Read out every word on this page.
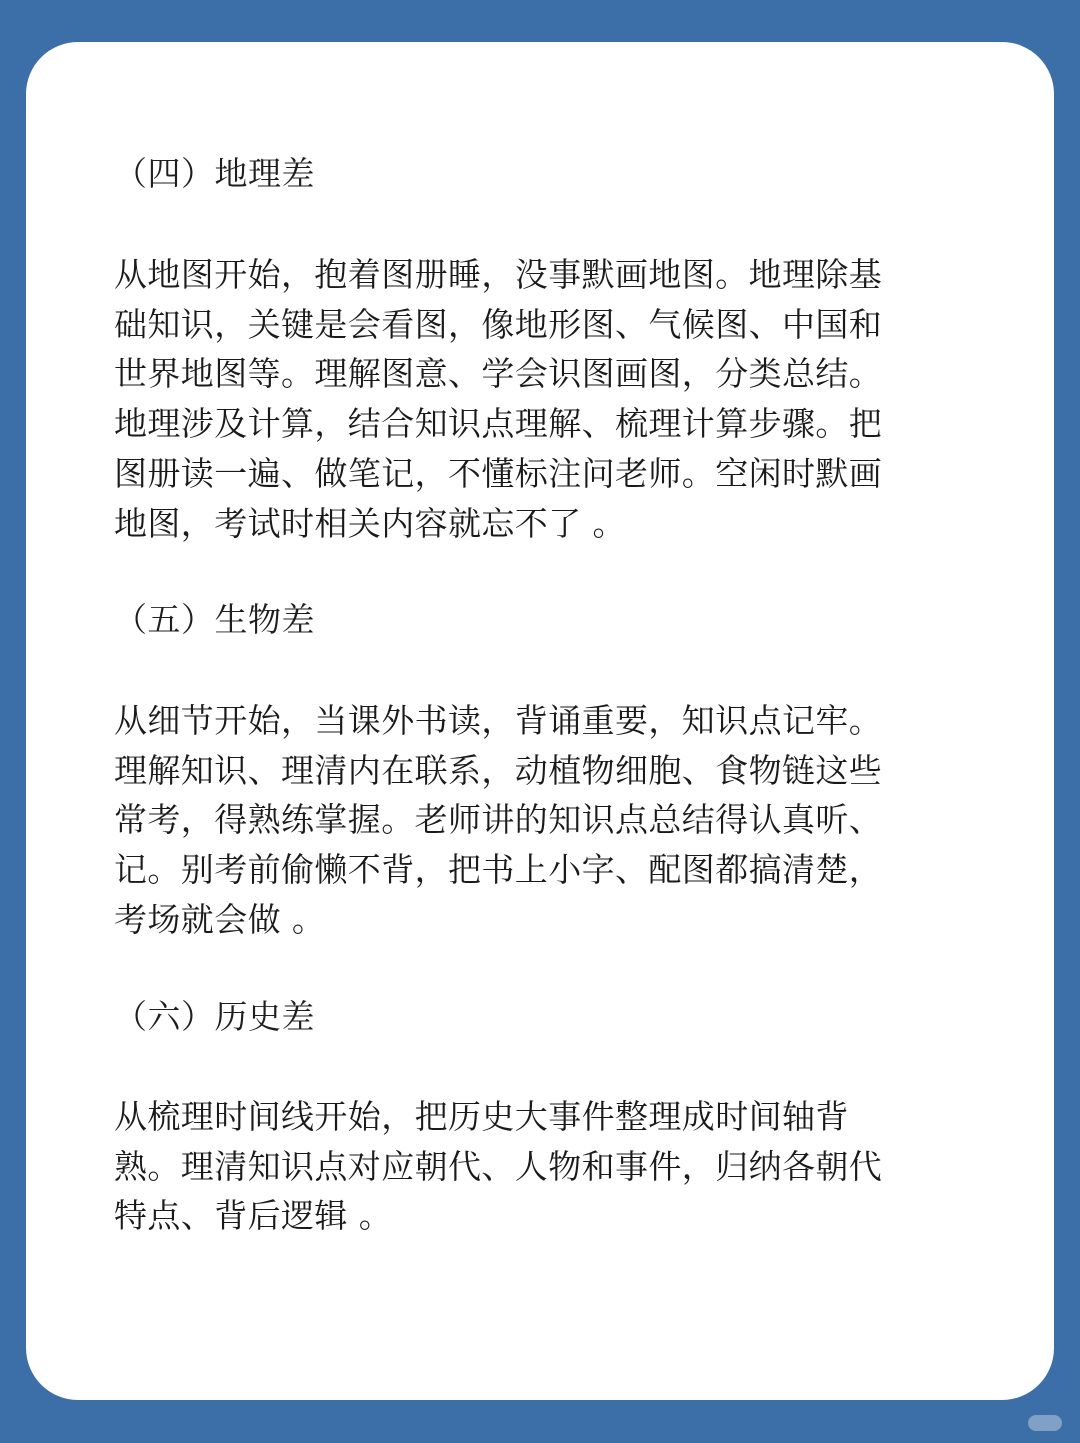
（四）地理差
从地图开始，抱着图册睡，没事默画地图。地理除基
础知识，关键是会看图，像地形图、气候图、中国和
世界地图等。理解图意、学会识图画图，分类总结。
地理涉及计算，结合知识点理解、梳理计算步骤。把
图册读一遍、做笔记，不懂标注问老师。空闲时默画
地图，考试时相关内容就忘不了 。
（五）生物差
从细节开始，当课外书读，背诵重要，知识点记牢。
理解知识、理清内在联系，动植物细胞、食物链这些
常考，得熟练掌握。老师讲的知识点总结得认真听、
记。别考前偷懒不背，把书上小字、配图都搞清楚，
考场就会做 。
（六）历史差
从梳理时间线开始，把历史大事件整理成时间轴背
熟。理清知识点对应朝代、人物和事件，归纳各朝代
特点、背后逻辑 。
